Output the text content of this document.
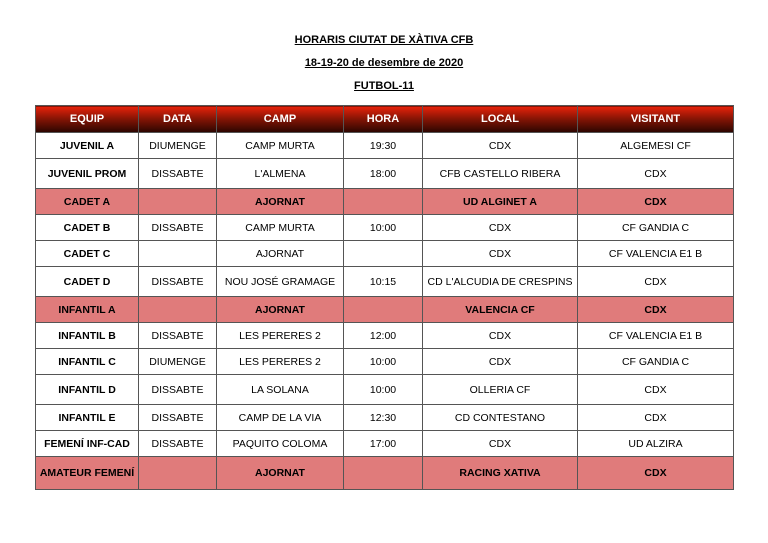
HORARIS CIUTAT DE XÀTIVA CFB
18-19-20 de desembre de 2020
FUTBOL-11
EQUIP	DATA	CAMP	HORA	LOCAL	VISITANT
JUVENIL A	DIUMENGE	CAMP MURTA	19:30	CDX	ALGEMESI CF
JUVENIL PROM	DISSABTE	L'ALMENA	18:00	CFB CASTELLO RIBERA	CDX
CADET A		AJORNAT		UD ALGINET A	CDX
CADET B	DISSABTE	CAMP MURTA	10:00	CDX	CF GANDIA C
CADET C		AJORNAT		CDX	CF VALENCIA E1 B
CADET D	DISSABTE	NOU JOSÉ GRAMAGE	10:15	CD L'ALCUDIA DE CRESPINS	CDX
INFANTIL A		AJORNAT		VALENCIA CF	CDX
INFANTIL B	DISSABTE	LES PERERES 2	12:00	CDX	CF VALENCIA E1 B
INFANTIL C	DIUMENGE	LES PERERES 2	10:00	CDX	CF GANDIA C
INFANTIL D	DISSABTE	LA SOLANA	10:00	OLLERIA CF	CDX
INFANTIL E	DISSABTE	CAMP DE LA VIA	12:30	CD CONTESTANO	CDX
FEMENÍ INF-CAD	DISSABTE	PAQUITO COLOMA	17:00	CDX	UD ALZIRA
AMATEUR FEMENÍ		AJORNAT		RACING XATIVA	CDX
